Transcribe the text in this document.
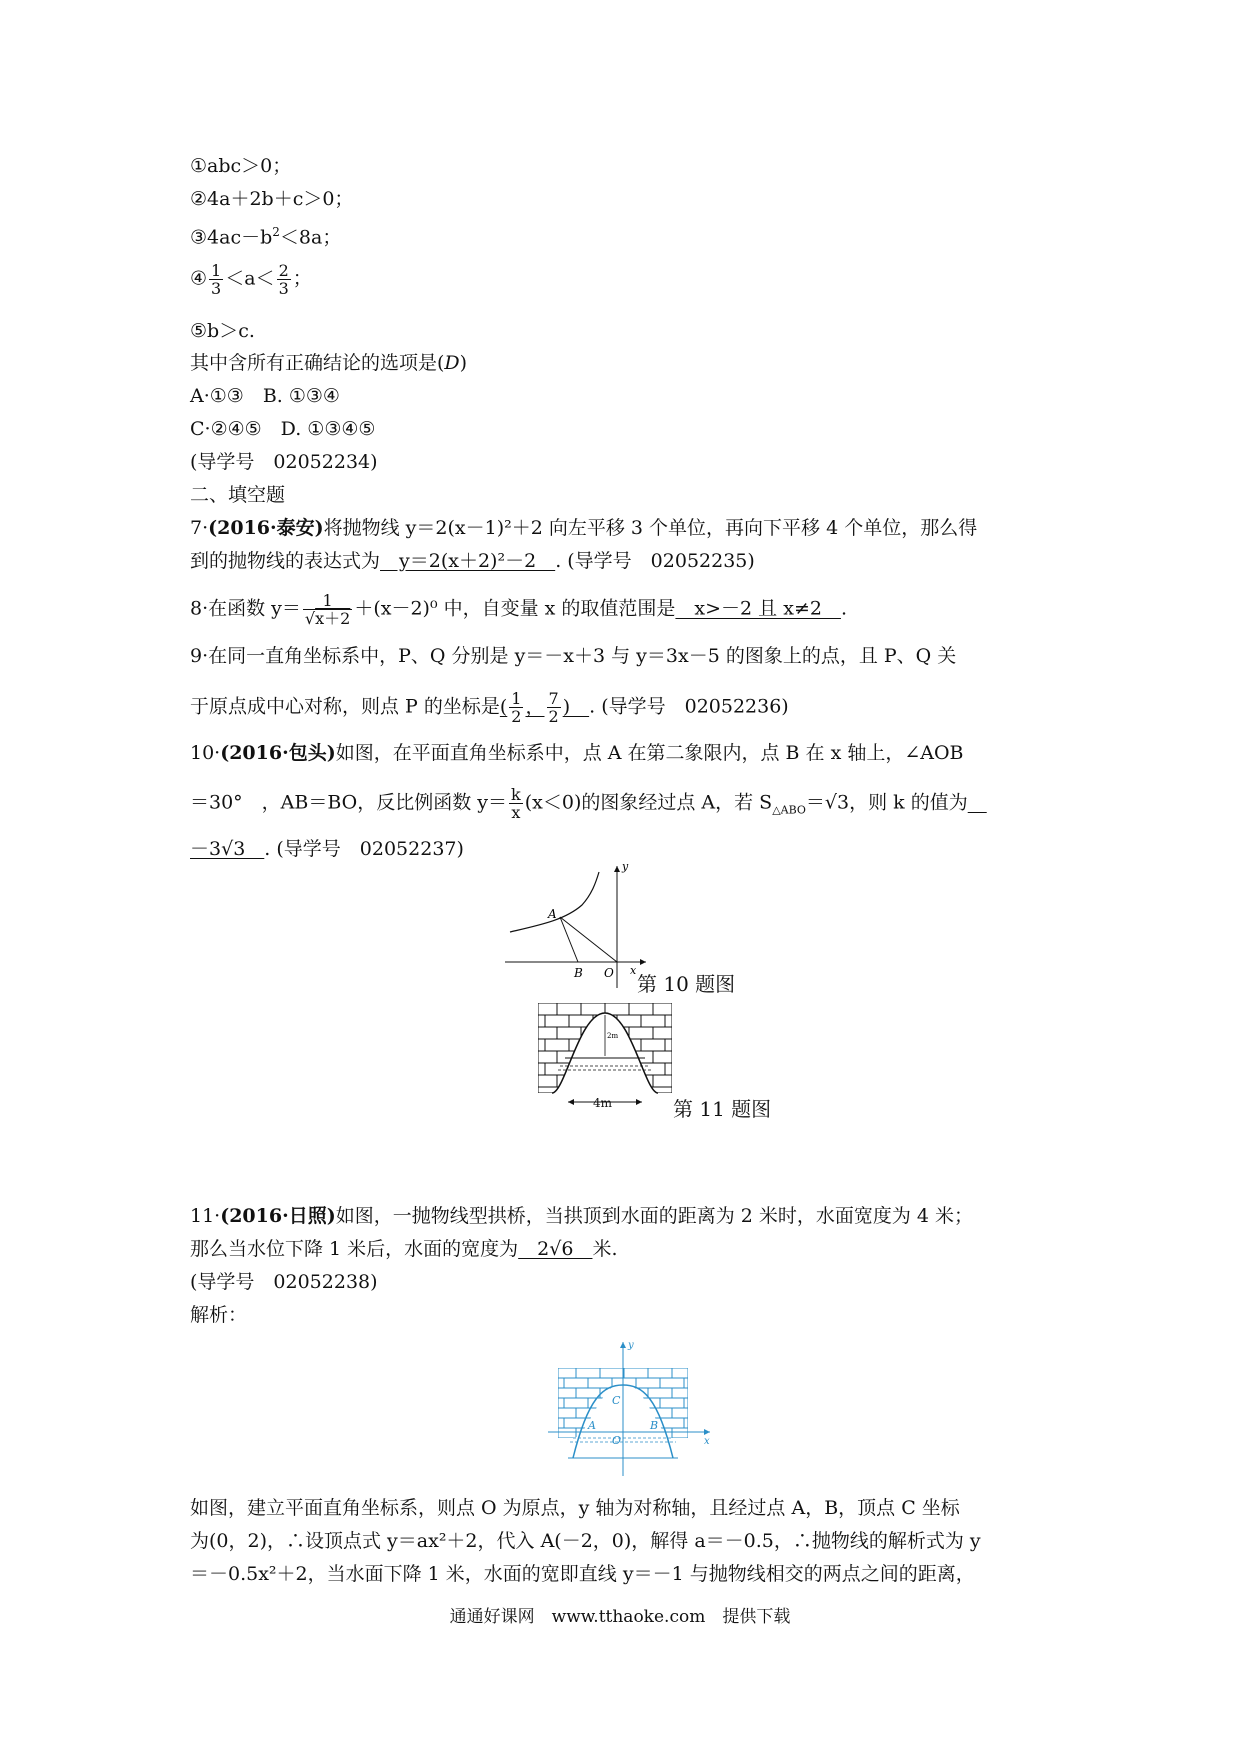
①abc＞0；
②4a＋2b＋c＞0；
$③4ac-b^2<8a$；
④ $\frac{1}{3} <a< \frac{2}{3}$ ；
⑤b＞c.
其中含所有正确结论的选项是(D)
A·①③　B. ①③④
C·②④⑤　D. ①③④⑤
(导学号　02052234)
二、填空题
7·(2016·泰安)将抛物线 y＝2(x－1)²＋2 向左平移 3 个单位，再向下平移 4 个单位，那么得
到的抛物线的表达式为　y＝2(x＋2)²－2　. (导学号　02052235)
8·在函数 $y= \frac{1}{√x+2} +(x-2)^0$ 中，自变量 x 的取值范围是　x>－2 且 x≠2　.
9·在同一直角坐标系中，P、Q 分别是 y＝－x＋3 与 y＝3x－5 的图象上的点，且 P、Q 关
于原点成中心对称，则点 P 的坐标是( $\frac{1}{2}$ ， $\frac{7}{2}$ )　. (导学号　02052236)
10·(2016·包头)如图，在平面直角坐标系中，点 A 在第二象限内，点 B 在 x 轴上，∠AOB
＝30°　，AB＝BO，反比例函数 $y= \frac{k}{x} (x<0)$的图象经过点 A，若 $S_{\triangle ABO}=√3$，则 k 的值为　
－3√3　. (导学号　02052237)
A
B O
y
x
第 10 题图
2m
4m	第 11 题图
11·(2016·日照)如图，一抛物线型拱桥，当拱顶到水面的距离为 2 米时，水面宽度为 4 米；
那么当水位下降 1 米后，水面的宽度为　2√6　米.
(导学号　02052238)
解析：
y
x
C
A	B
O
如图，建立平面直角坐标系，则点 O 为原点，y 轴为对称轴，且经过点 A，B，顶点 C 坐标
为(0，2)，∴设顶点式 y＝ax²＋2，代入 A(－2，0)，解得 a＝－0.5，∴抛物线的解析式为 y
＝－0.5x²＋2，当水面下降 1 米，水面的宽即直线 y＝－1 与抛物线相交的两点之间的距离，
通通好课网　www.tthaoke.com　提供下载
